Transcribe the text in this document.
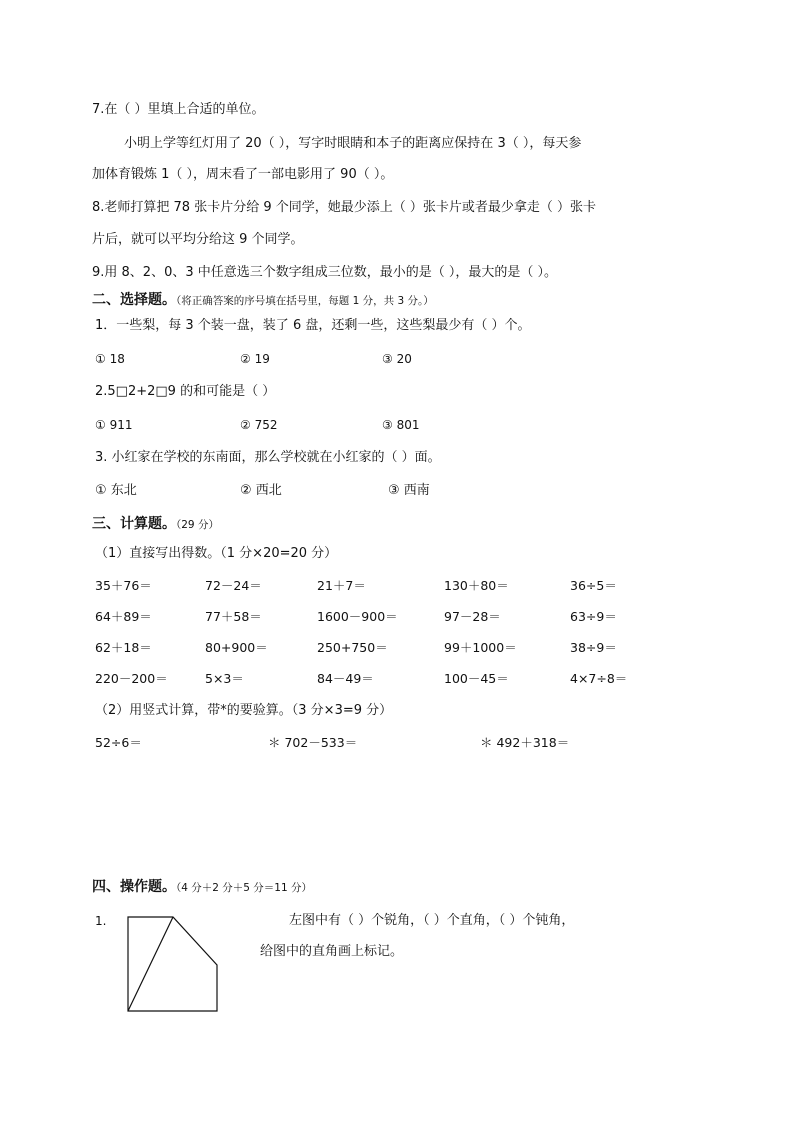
7.在（ ）里填上合适的单位。
小明上学等红灯用了 20（ ），写字时眼睛和本子的距离应保持在 3（ ），每天参
加体育锻炼 1（ ），周末看了一部电影用了 90（ ）。
8.老师打算把 78 张卡片分给 9 个同学，她最少添上（ ）张卡片或者最少拿走（ ）张卡
片后，就可以平均分给这 9 个同学。
9.用 8、2、0、3 中任意选三个数字组成三位数，最小的是（ ），最大的是（ ）。
二、选择题。（将正确答案的序号填在括号里，每题 1 分，共 3 分。）
1．一些梨，每 3 个装一盘，装了 6 盘，还剩一些，这些梨最少有（ ）个。
① 18	② 19	③ 20
2.5□2+2□9 的和可能是（ ）
① 911	② 752	③ 801
3. 小红家在学校的东南面，那么学校就在小红家的（ ）面。
① 东北	② 西北	③ 西南
三、计算题。（29 分）
（1）直接写出得数。（1 分×20=20 分）
35＋76＝	72－24＝	21＋7＝	130＋80＝	36÷5＝
64＋89＝	77＋58＝	1600－900＝	97－28＝	63÷9＝
62＋18＝	80+900＝	250+750＝	99＋1000＝	38÷9＝
220－200＝	5×3＝	84－49＝	100－45＝	4×7÷8＝
（2）用竖式计算，带*的要验算。（3 分×3=9 分）
52÷6＝	＊ 702－533＝	＊ 492＋318＝
四、操作题。（4 分＋2 分＋5 分＝11 分）
1.	左图中有（ ）个锐角，（ ）个直角，（ ）个钝角，
给图中的直角画上标记。
